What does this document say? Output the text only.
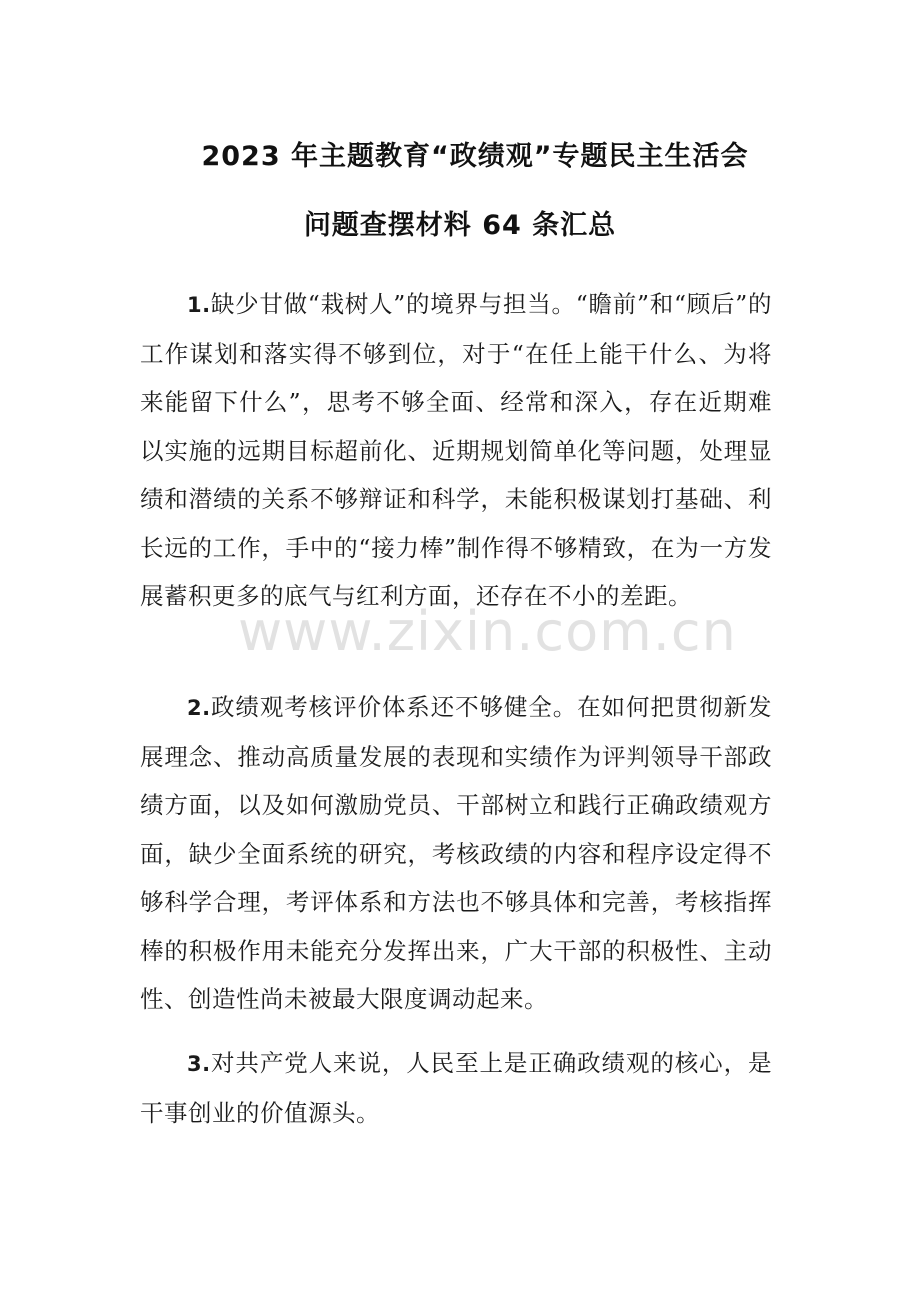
2023 年主题教育“政绩观”专题民主生活会
问题查摆材料 64 条汇总

1.缺少甘做“栽树人”的境界与担当。“瞻前”和“顾后”的工作谋划和落实得不够到位，对于“在任上能干什么、为将来能留下什么”，思考不够全面、经常和深入，存在近期难以实施的远期目标超前化、近期规划简单化等问题，处理显绩和潜绩的关系不够辩证和科学，未能积极谋划打基础、利长远的工作，手中的“接力棒”制作得不够精致，在为一方发展蓄积更多的底气与红利方面，还存在不小的差距。

2.政绩观考核评价体系还不够健全。在如何把贯彻新发展理念、推动高质量发展的表现和实绩作为评判领导干部政绩方面，以及如何激励党员、干部树立和践行正确政绩观方面，缺少全面系统的研究，考核政绩的内容和程序设定得不够科学合理，考评体系和方法也不够具体和完善，考核指挥棒的积极作用未能充分发挥出来，广大干部的积极性、主动性、创造性尚未被最大限度调动起来。

3.对共产党人来说，人民至上是正确政绩观的核心，是干事创业的价值源头。

www.zixin.com.cn
